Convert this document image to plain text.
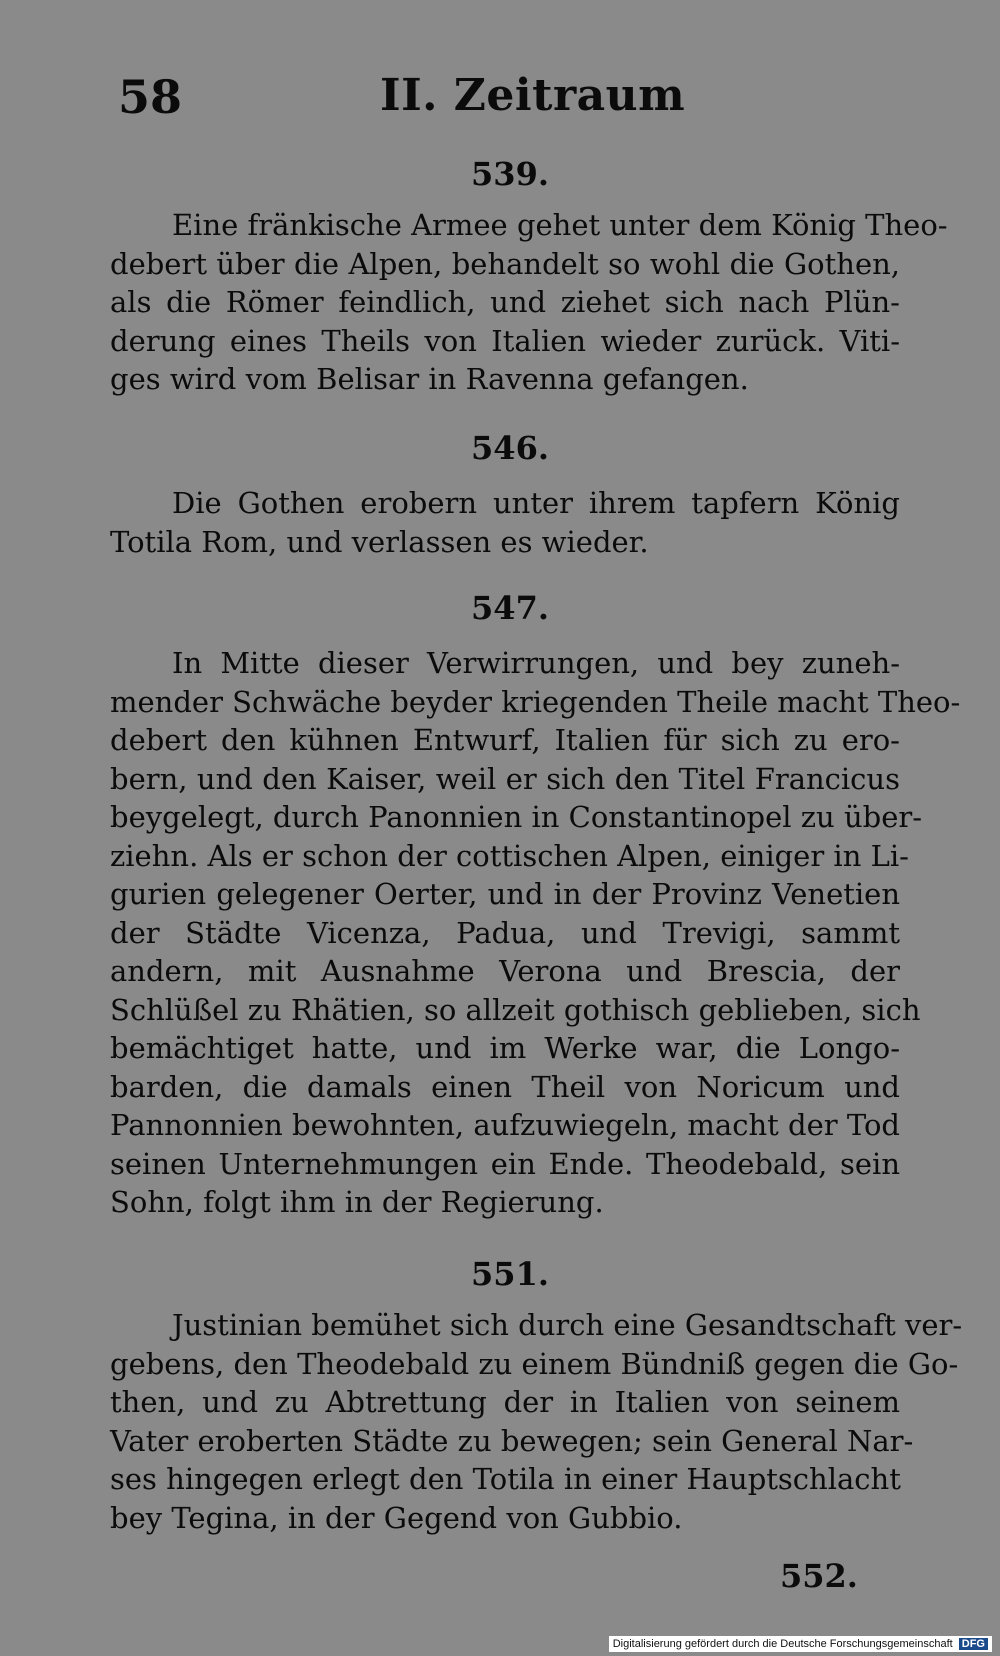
58	II. Zeitraum
539.
Eine fränkische Armee gehet unter dem König Theo-
debert über die Alpen, behandelt so wohl die Gothen,
als die Römer feindlich, und ziehet sich nach Plün-
derung eines Theils von Italien wieder zurück. Viti-
ges wird vom Belisar in Ravenna gefangen.
546.
Die Gothen erobern unter ihrem tapfern König
Totila Rom, und verlassen es wieder.
547.
In Mitte dieser Verwirrungen, und bey zuneh-
mender Schwäche beyder kriegenden Theile macht Theo-
debert den kühnen Entwurf, Italien für sich zu ero-
bern, und den Kaiser, weil er sich den Titel Francicus
beygelegt, durch Panonnien in Constantinopel zu über-
ziehn. Als er schon der cottischen Alpen, einiger in Li-
gurien gelegener Oerter, und in der Provinz Venetien
der Städte Vicenza, Padua, und Trevigi, sammt
andern, mit Ausnahme Verona und Brescia, der
Schlüßel zu Rhätien, so allzeit gothisch geblieben, sich
bemächtiget hatte, und im Werke war, die Longo-
barden, die damals einen Theil von Noricum und
Pannonnien bewohnten, aufzuwiegeln, macht der Tod
seinen Unternehmungen ein Ende. Theodebald, sein
Sohn, folgt ihm in der Regierung.
551.
Justinian bemühet sich durch eine Gesandtschaft ver-
gebens, den Theodebald zu einem Bündniß gegen die Go-
then, und zu Abtrettung der in Italien von seinem
Vater eroberten Städte zu bewegen; sein General Nar-
ses hingegen erlegt den Totila in einer Hauptschlacht
bey Tegina, in der Gegend von Gubbio.
552.
Digitalisierung gefördert durch die Deutsche Forschungsgemeinschaft DFG
